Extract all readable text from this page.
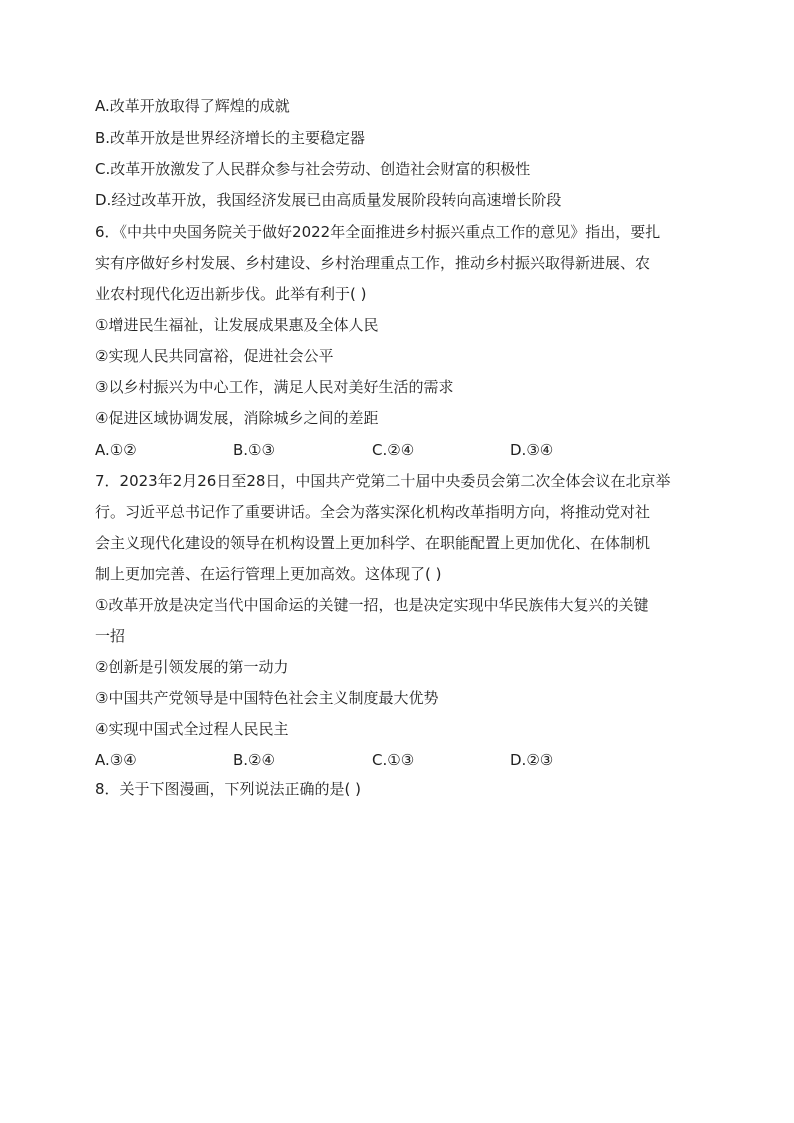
A.改革开放取得了辉煌的成就
B.改革开放是世界经济增长的主要稳定器
C.改革开放激发了人民群众参与社会劳动、创造社会财富的积极性
D.经过改革开放，我国经济发展已由高质量发展阶段转向高速增长阶段
6．《中共中央国务院关于做好2022年全面推进乡村振兴重点工作的意见》指出，要扎
实有序做好乡村发展、乡村建设、乡村治理重点工作，推动乡村振兴取得新进展、农
业农村现代化迈出新步伐。此举有利于( )
①增进民生福祉，让发展成果惠及全体人民
②实现人民共同富裕，促进社会公平
③以乡村振兴为中心工作，满足人民对美好生活的需求
④促进区域协调发展，消除城乡之间的差距
A.①②	B.①③	C.②④	D.③④
7．2023年2月26日至28日，中国共产党第二十届中央委员会第二次全体会议在北京举
行。习近平总书记作了重要讲话。全会为落实深化机构改革指明方向，将推动党对社
会主义现代化建设的领导在机构设置上更加科学、在职能配置上更加优化、在体制机
制上更加完善、在运行管理上更加高效。这体现了( )
①改革开放是决定当代中国命运的关键一招，也是决定实现中华民族伟大复兴的关键
一招
②创新是引领发展的第一动力
③中国共产党领导是中国特色社会主义制度最大优势
④实现中国式全过程人民民主
A.③④	B.②④	C.①③	D.②③
8．关于下图漫画，下列说法正确的是( )
